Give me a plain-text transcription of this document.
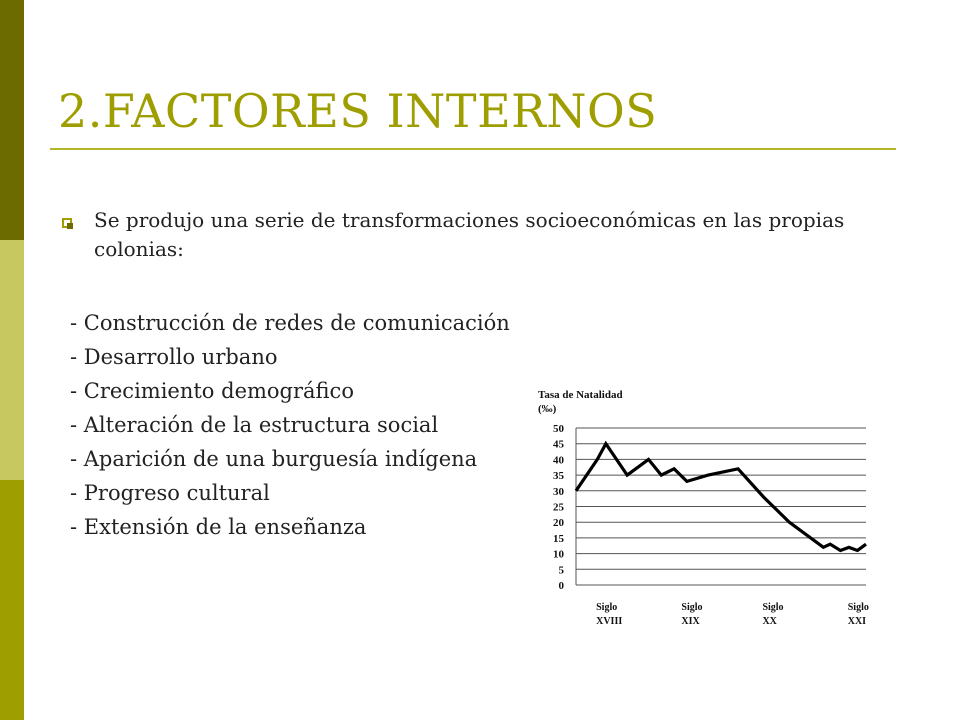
2.FACTORES INTERNOS
Se produjo una serie de transformaciones socioeconómicas en las propias colonias:
- Construcción de redes de comunicación
- Desarrollo urbano
- Crecimiento demográfico
- Alteración de la estructura social
- Aparición de una burguesía indígena
- Progreso cultural
- Extensión de la enseñanza
Tasa de Natalidad
(‰)
0
5
10
15
20
25
30
35
40
45
50
Siglo
XVIII
Siglo
XIX
Siglo
XX
Siglo
XXI
